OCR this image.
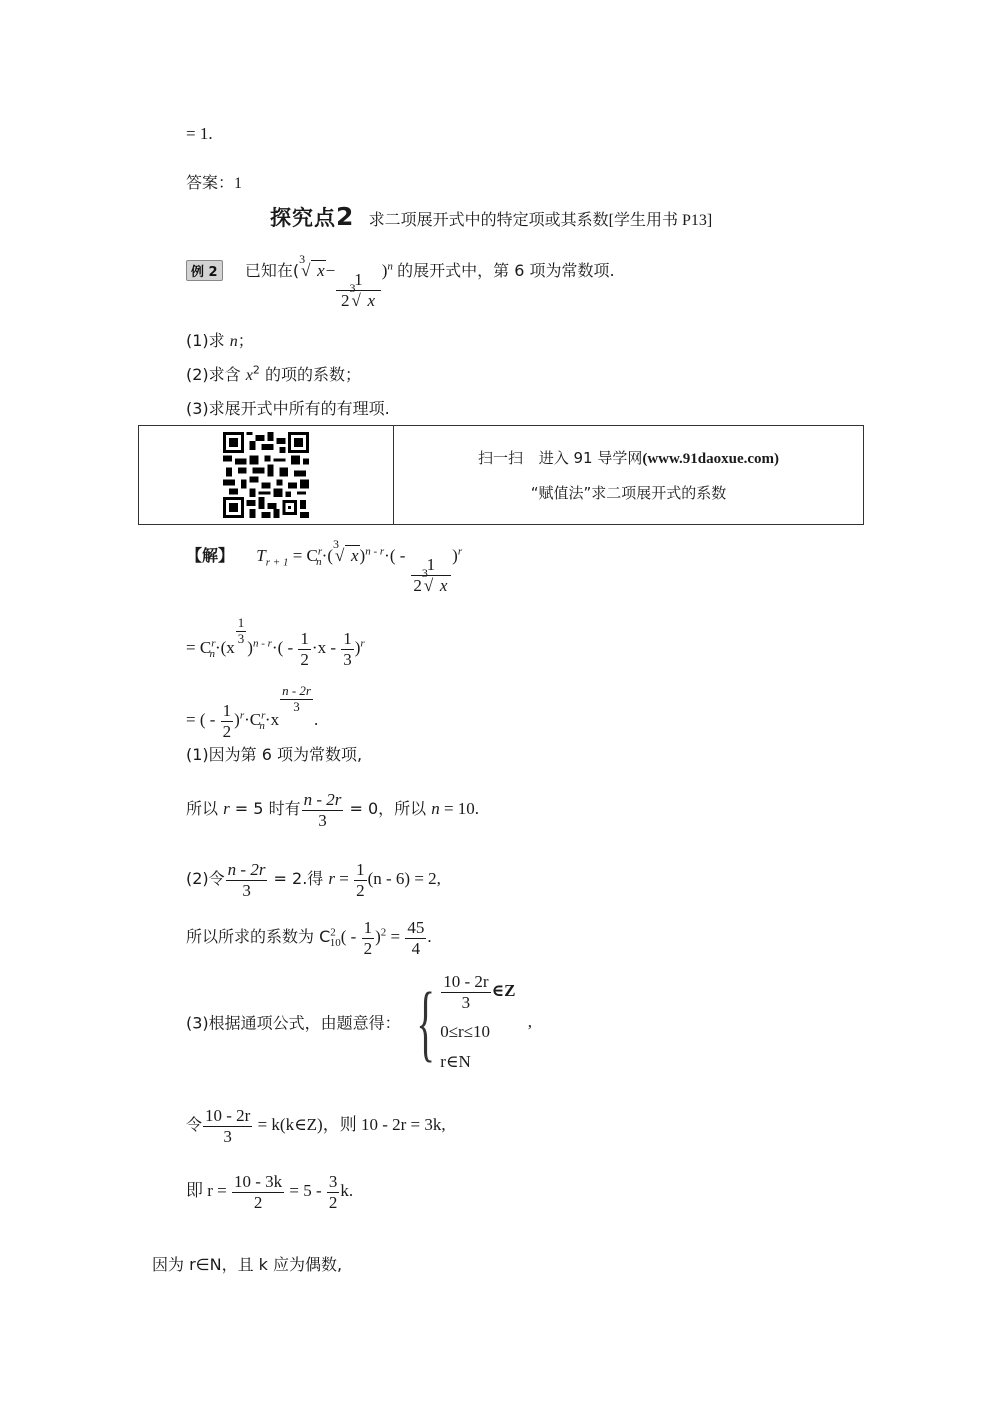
= 1.
答案：1
探究点2 求二项展开式中的特定项或其系数[学生用书 P13]
例 2 已知在(
3
√ x− 1
2
3
√ x )$^n$ 的展开式中，第 6 项为常数项.
(1)求 n；
(2)求含 $x^2$ 的项的系数；
(3)求展开式中所有的有理项.
扫一扫 进入 91 导学网(www.91daoxue.com)
“赋值法”求二项展开式的系数
【解】 $T_{r + 1} = C^r_n\cdot$(
3
√ x)$^{n - r}$·( - 1
2
3
√ x )$^r$
= $C^r_n\cdot(x$
$\frac{1}{3}$
)$^{n - r}\cdot( - \frac{1}{2} \cdot x - \frac{1}{3} )^r$
= ( - $\frac{1}{2} )^r\cdot C^r_n\cdot x$
$\frac{n - 2r}{3}$
.
(1)因为第 6 项为常数项,
所以 r = 5 时有 $\frac{n - 2r}{3} = 0$，所以 n = 10.
(2)令 $\frac{n - 2r}{3} = 2$.得 $r = \frac{1}{2} (n - 6) = 2$,
所以所求的系数为 $C^2_{10}( - \frac{1}{2} )^2 = \frac{45}{4}$ .
(3)根据通项公式，由题意得： { $\frac{10 - 2r}{3}$ ∈Z
0≤r≤10
r∈N
,
令 $\frac{10 - 2r}{3}$ = k(k∈Z)，则 10 - 2r = 3k,
即 $r = \frac{10 - 3k}{2} = 5 - \frac{3}{2} k$.
因为 r∈N，且 k 应为偶数,
